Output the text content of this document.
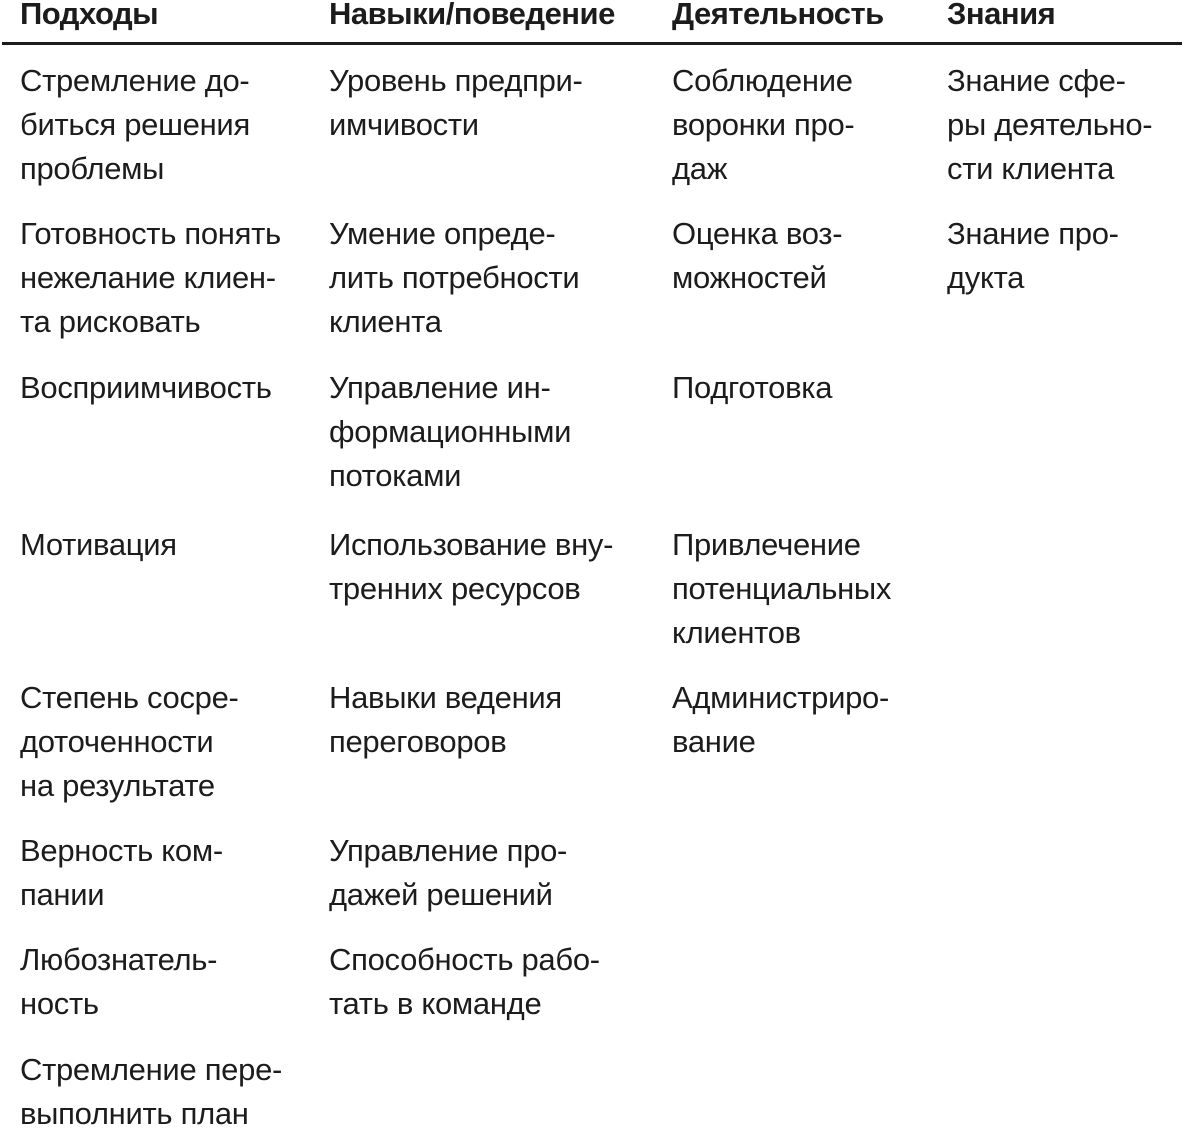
Подходы	Навыки/поведение Деятельность Знания
Стремление до-
биться решения
проблемы
Готовность понять
нежелание клиен-
та рисковать
Восприимчивость
Мотивация
Степень сосре-
доточенности
на результате
Верность ком-
пании
Любознатель-
ность
Стремление пере-
выполнить план
Уровень предпри-
имчивости
Умение опреде-
лить потребности
клиента
Управление ин-
формационными
потоками
Использование вну-
тренних ресурсов
Навыки ведения
переговоров
Управление про-
дажей решений
Способность рабо-
тать в команде
Соблюдение
воронки про-
даж
Оценка воз-
можностей
Подготовка
Привлечение
потенциальных
клиентов
Администриро-
вание
Знание сфе-
ры деятельно-
сти клиента
Знание про-
дукта
